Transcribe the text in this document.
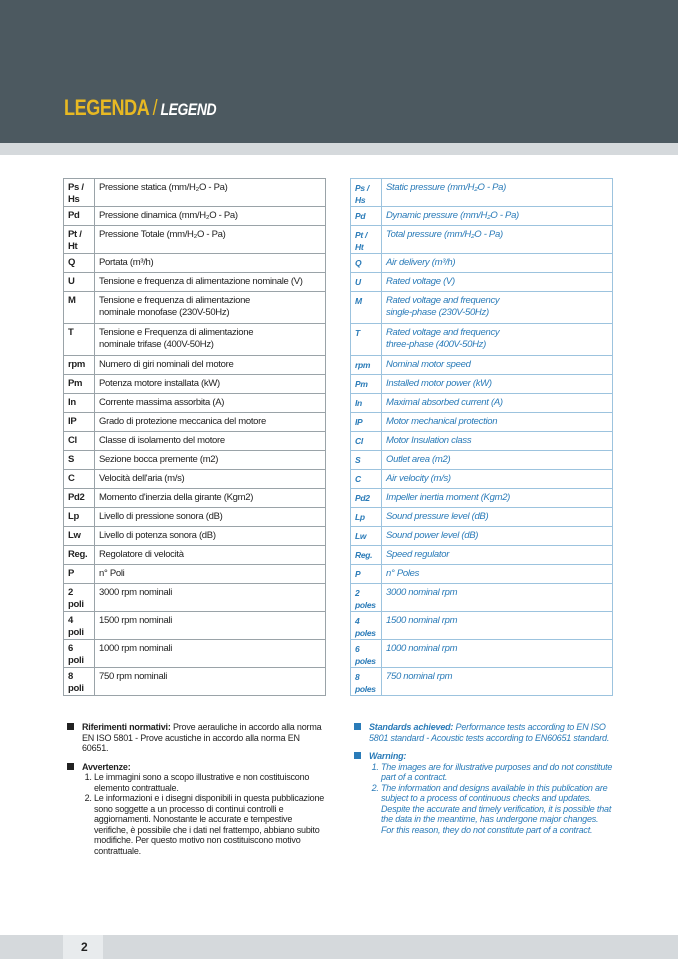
LEGENDA / LEGEND
Ps / Hs	Pressione statica (mm/H₂O - Pa)
Pd	Pressione dinamica (mm/H₂O - Pa)
Pt / Ht	Pressione Totale (mm/H₂O - Pa)
Q	Portata (m³/h)
U	Tensione e frequenza di alimentazione nominale (V)
M	Tensione e frequenza di alimentazione
nominale monofase (230V-50Hz)
T	Tensione e Frequenza di alimentazione
nominale trifase (400V-50Hz)
rpm	Numero di giri nominali del motore
Pm	Potenza motore installata (kW)
In	Corrente massima assorbita (A)
IP	Grado di protezione meccanica del motore
Cl	Classe di isolamento del motore
S	Sezione bocca premente (m2)
C	Velocità dell'aria (m/s)
Pd2	Momento d'inerzia della girante (Kgm2)
Lp	Livello di pressione sonora (dB)
Lw	Livello di potenza sonora (dB)
Reg.	Regolatore di velocità
P	n° Poli
2 poli	3000 rpm nominali
4 poli	1500 rpm nominali
6 poli	1000 rpm nominali
8 poli	750 rpm nominali
Riferimenti normativi: Prove aerauliche in accordo alla norma EN ISO 5801 - Prove acustiche in accordo alla norma EN 60651.
Avvertenze:
1. Le immagini sono a scopo illustrative e non costituiscono elemento contrattuale.
2. Le informazioni e i disegni disponibili in questa pubblicazione sono soggette a un processo di continui controlli e aggiornamenti. Nonostante le accurate e tempestive verifiche, è possibile che i dati nel frattempo, abbiano subito modifiche. Per questo motivo non costituiscono motivo contrattuale.
Ps / Hs	Static pressure (mm/H₂O - Pa)
Pd	Dynamic pressure (mm/H₂O - Pa)
Pt / Ht	Total pressure (mm/H₂O - Pa)
Q	Air delivery (m³/h)
U	Rated voltage (V)
M	Rated voltage and frequency
single-phase (230V-50Hz)
T	Rated voltage and frequency
three-phase (400V-50Hz)
rpm	Nominal motor speed
Pm	Installed motor power (kW)
In	Maximal absorbed current (A)
IP	Motor mechanical protection
Cl	Motor Insulation class
S	Outlet area (m2)
C	Air velocity (m/s)
Pd2	Impeller inertia moment (Kgm2)
Lp	Sound pressure level (dB)
Lw	Sound power level (dB)
Reg.	Speed regulator
P	n° Poles
2 poles	3000 nominal rpm
4 poles	1500 nominal rpm
6 poles	1000 nominal rpm
8 poles	750 nominal rpm
Standards achieved: Performance tests according to EN ISO 5801 standard - Acoustic tests according to EN60651 standard.
Warning:
1. The images are for illustrative purposes and do not constitute part of a contract.
2. The information and designs available in this publication are subject to a process of continuous checks and updates. Despite the accurate and timely verification, it is possible that the data in the meantime, has undergone major changes. For this reason, they do not constitute part of a contract.
2
